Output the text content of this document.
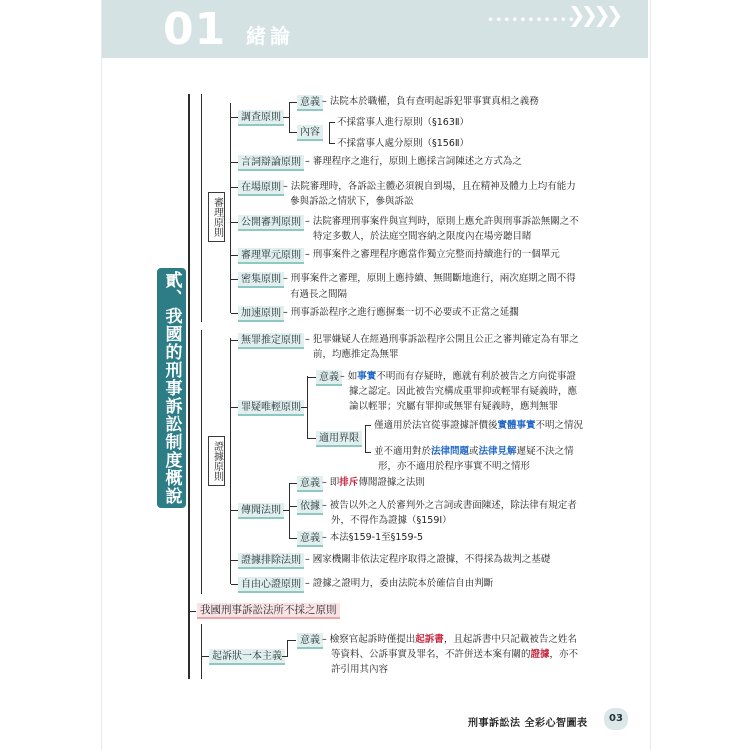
01 緒論
••••••••••••
❯❯❯❯
貳、我國的刑事訴訟制度概說
審理原則
證據原則
調查原則
意義 – 法院本於職權，負有查明起訴犯罪事實真相之義務
內容
不採當事人進行原則（§163Ⅱ）
不採當事人處分原則（§156Ⅱ）
言詞辯論原則 – 審理程序之進行，原則上應採言詞陳述之方式為之
在場原則 – 法院審理時，各訴訟主體必須親自到場，且在精神及體力上均有能力
參與訴訟之情狀下，參與訴訟
公開審判原則 – 法院審理刑事案件與宣判時，原則上應允許與刑事訴訟無關之不
特定多數人，於法庭空間容納之限度內在場旁聽目睹
審理單元原則 – 刑事案件之審理程序應當作獨立完整而持續進行的一個單元
密集原則 – 刑事案件之審理，原則上應持續、無間斷地進行，兩次庭期之間不得
有過長之間隔
加速原則 – 刑事訴訟程序之進行應摒棄一切不必要或不正當之延擱
無罪推定原則 – 犯罪嫌疑人在經過刑事訴訟程序公開且公正之審判確定為有罪之
前，均應推定為無罪
罪疑唯輕原則
意義 – 如事實不明而有存疑時，應就有利於被告之方向從事證
據之認定。因此被告究構成重罪抑或輕罪有疑義時，應
論以輕罪；究屬有罪抑或無罪有疑義時，應判無罪
適用界限
僅適用於法官從事證據評價後實體事實不明之情況
並不適用對於法律問題或法律見解遲疑不決之情
形，亦不適用於程序事實不明之情形
傳聞法則
意義 – 即排斥傳聞證據之法則
依據 – 被告以外之人於審判外之言詞或書面陳述，除法律有規定者
外，不得作為證據（§159Ⅰ）
意義 – 本法§159-1至§159-5
證據排除法則 – 國家機關非依法定程序取得之證據，不得採為裁判之基礎
自由心證原則 – 證據之證明力，委由法院本於確信自由判斷
我國刑事訴訟法所不採之原則
起訴狀一本主義
意義 – 檢察官起訴時僅提出起訴書，且起訴書中只記載被告之姓名
等資料、公訴事實及罪名，不許併送本案有關的證據，亦不
許引用其內容
刑事訴訟法 全彩心智圖表	03
